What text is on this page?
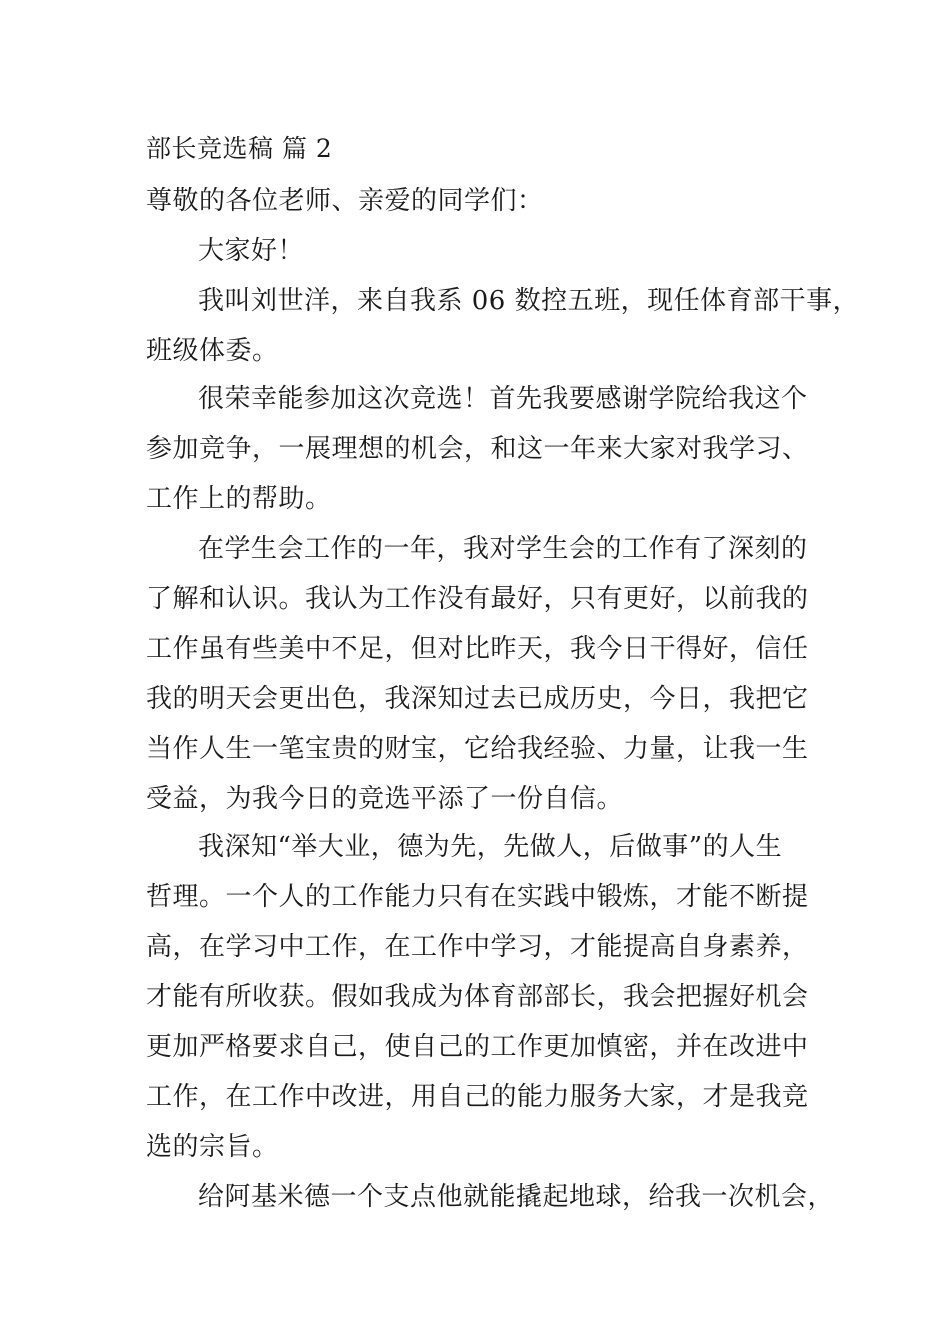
部长竞选稿 篇 2
尊敬的各位老师、亲爱的同学们：
大家好！
我叫刘世洋，来自我系 06 数控五班，现任体育部干事，
班级体委。
很荣幸能参加这次竞选！首先我要感谢学院给我这个
参加竞争，一展理想的机会，和这一年来大家对我学习、
工作上的帮助。
在学生会工作的一年，我对学生会的工作有了深刻的
了解和认识。我认为工作没有最好，只有更好，以前我的
工作虽有些美中不足，但对比昨天，我今日干得好，信任
我的明天会更出色，我深知过去已成历史，今日，我把它
当作人生一笔宝贵的财宝，它给我经验、力量，让我一生
受益，为我今日的竞选平添了一份自信。
我深知“举大业，德为先，先做人，后做事”的人生
哲理。一个人的工作能力只有在实践中锻炼，才能不断提
高，在学习中工作，在工作中学习，才能提高自身素养，
才能有所收获。假如我成为体育部部长，我会把握好机会
更加严格要求自己，使自己的工作更加慎密，并在改进中
工作，在工作中改进，用自己的能力服务大家，才是我竞
选的宗旨。
给阿基米德一个支点他就能撬起地球，给我一次机会，
